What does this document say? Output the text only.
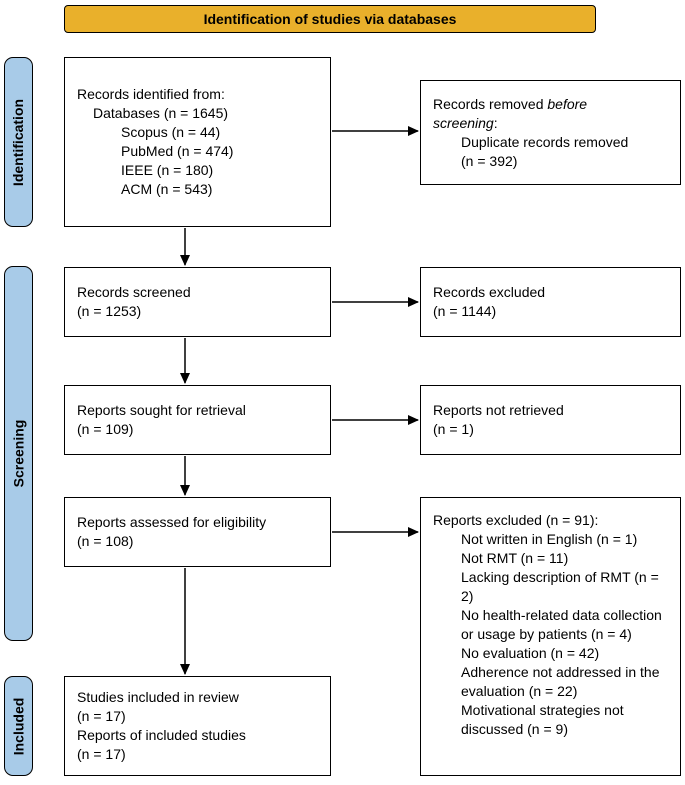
Identification of studies via databases
Identification
Screening
Included
Records identified from:
Databases (n = 1645)
Scopus (n = 44)
PubMed (n = 474)
IEEE (n = 180)
ACM (n = 543)
Records screened
(n = 1253)
Reports sought for retrieval
(n = 109)
Reports assessed for eligibility
(n = 108)
Studies included in review
(n = 17)
Reports of included studies
(n = 17)
Records removed before
screening:
Duplicate records removed
(n = 392)
Records excluded
(n = 1144)
Reports not retrieved
(n = 1)
Reports excluded (n = 91):
Not written in English (n = 1)
Not RMT (n = 11)
Lacking description of RMT (n = 2)
No health-related data collection or usage by patients (n = 4)
No evaluation (n = 42)
Adherence not addressed in the evaluation (n = 22)
Motivational strategies not discussed (n = 9)
